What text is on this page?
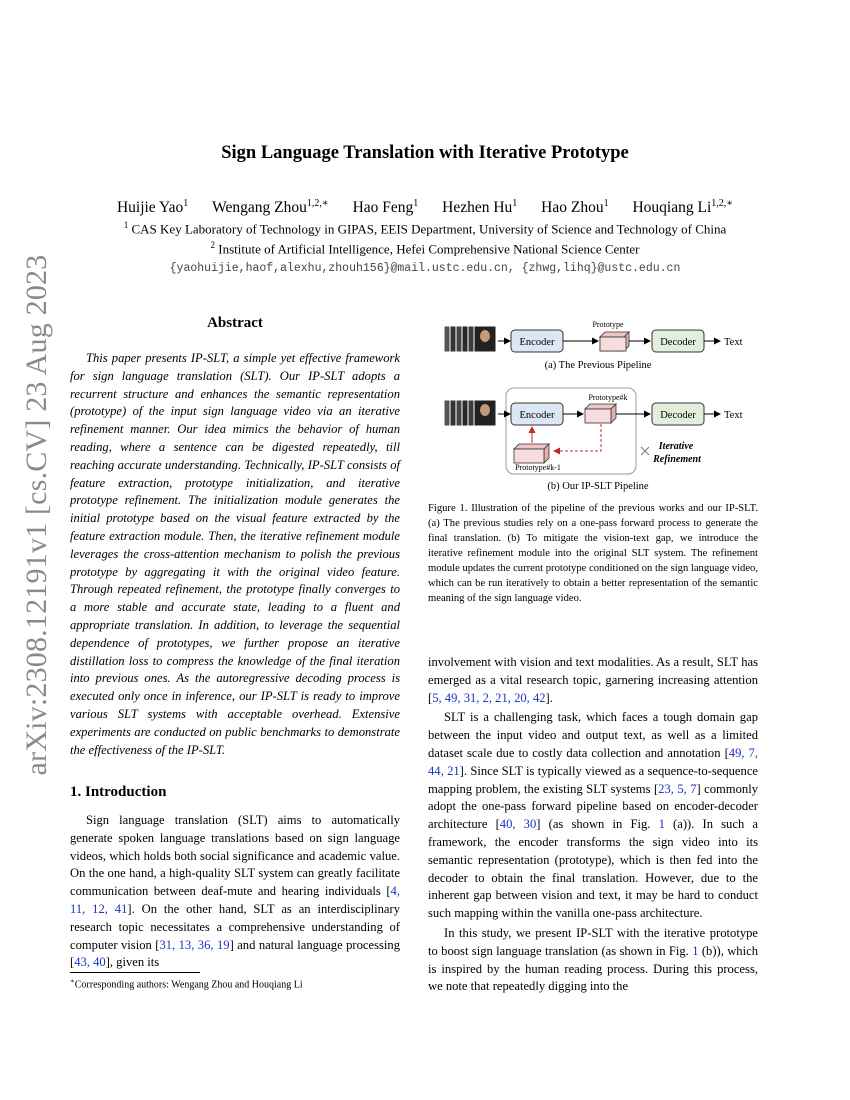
arXiv:2308.12191v1 [cs.CV] 23 Aug 2023
Sign Language Translation with Iterative Prototype
Huijie Yao$^1$ Wengang Zhou$^{1,2,∗}$ Hao Feng$^1$ Hezhen Hu$^1$ Hao Zhou$^1$ Houqiang $Li^{1,2,∗}$
$^1$ CAS Key Laboratory of Technology in GIPAS, EEIS Department, University of Science and Technology of China
$^2$ Institute of Artificial Intelligence, Hefei Comprehensive National Science Center
{yaohuijie,haof,alexhu,zhouh156}@mail.ustc.edu.cn, {zhwg,lihq}@ustc.edu.cn
Abstract

This paper presents IP-SLT, a simple yet effective framework for sign language translation (SLT). Our IP-SLT adopts a recurrent structure and enhances the semantic representation (prototype) of the input sign language video via an iterative refinement manner. Our idea mimics the behavior of human reading, where a sentence can be digested repeatedly, till reaching accurate understanding. Technically, IP-SLT consists of feature extraction, prototype initialization, and iterative prototype refinement. The initialization module generates the initial prototype based on the visual feature extracted by the feature extraction module. Then, the iterative refinement module leverages the cross-attention mechanism to polish the previous prototype by aggregating it with the original video feature. Through repeated refinement, the prototype finally converges to a more stable and accurate state, leading to a fluent and appropriate translation. In addition, to leverage the sequential dependence of prototypes, we further propose an iterative distillation loss to compress the knowledge of the final iteration into previous ones. As the autoregressive decoding process is executed only once in inference, our IP-SLT is ready to improve various SLT systems with acceptable overhead. Extensive experiments are conducted on public benchmarks to demonstrate the effectiveness of the IP-SLT.

1. Introduction

Sign language translation (SLT) aims to automatically generate spoken language translations based on sign language videos, which holds both social significance and academic value. On the one hand, a high-quality SLT system can greatly facilitate communication between deaf-mute and hearing individuals [4, 11, 12, 41]. On the other hand, SLT as an interdisciplinary research topic necessitates a comprehensive understanding of computer vision [31, 13, 36, 19] and natural language processing [43, 40], given its

∗Corresponding authors: Wengang Zhou and Houqiang Li
Encoder
Prototype
Decoder	Text
(a) The Previous Pipeline
Encoder
Prototype#k
Decoder	Text
Prototype#k-1
Iterative
Refinement
(b) Our IP-SLT Pipeline
Figure 1. Illustration of the pipeline of the previous works and our IP-SLT. (a) The previous studies rely on a one-pass forward process to generate the final translation. (b) To mitigate the vision-text gap, we introduce the iterative refinement module into the original SLT system. The refinement module updates the current prototype conditioned on the sign language video, which can be run iteratively to obtain a better representation of the semantic meaning of the sign language video.

involvement with vision and text modalities. As a result, SLT has emerged as a vital research topic, garnering increasing attention [5, 49, 31, 2, 21, 20, 42].

SLT is a challenging task, which faces a tough domain gap between the input video and output text, as well as a limited dataset scale due to costly data collection and annotation [49, 7, 44, 21]. Since SLT is typically viewed as a sequence-to-sequence mapping problem, the existing SLT systems [23, 5, 7] commonly adopt the one-pass forward pipeline based on encoder-decoder architecture [40, 30] (as shown in Fig. 1 (a)). In such a framework, the encoder transforms the sign video into its semantic representation (prototype), which is then fed into the decoder to obtain the final translation. However, due to the inherent gap between vision and text, it may be hard to conduct such mapping within the vanilla one-pass architecture.

In this study, we present IP-SLT with the iterative prototype to boost sign language translation (as shown in Fig. 1 (b)), which is inspired by the human reading process. During this process, we note that repeatedly digging into the
